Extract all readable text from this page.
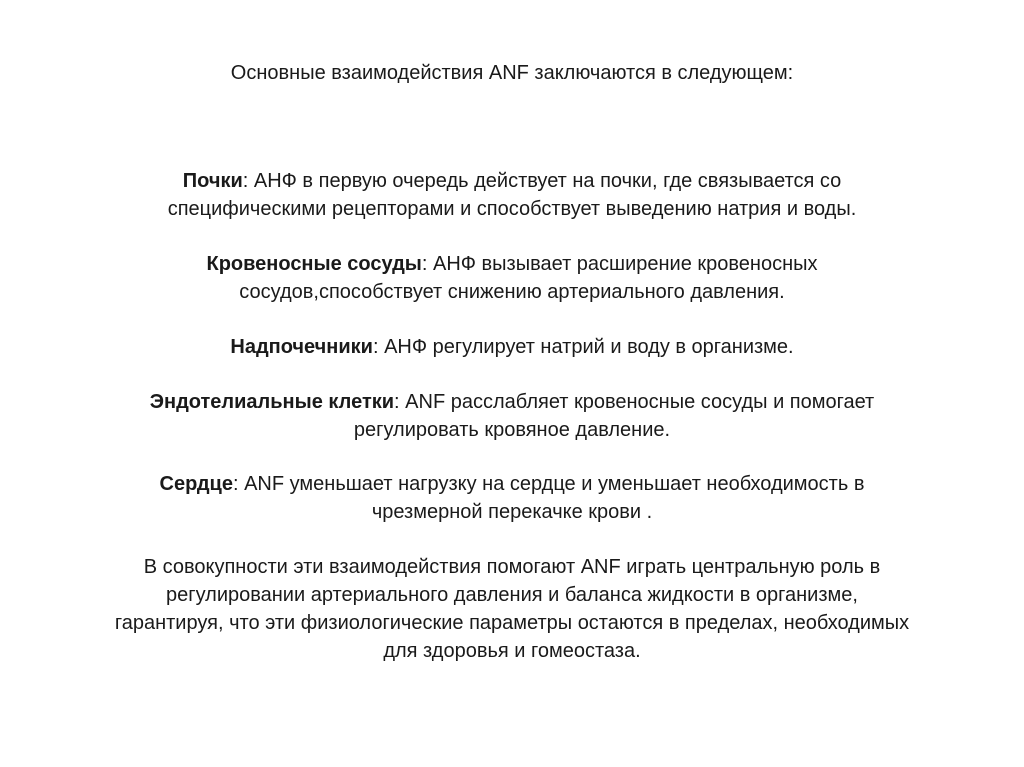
Основные взаимодействия ANF заключаются в следующем:

Почки: АНФ в первую очередь действует на почки, где связывается со специфическими рецепторами и способствует выведению натрия и воды.

Кровеносные сосуды: АНФ вызывает расширение кровеносных сосудов,способствует снижению артериального давления.

Надпочечники: АНФ регулирует натрий и воду в организме.

Эндотелиальные клетки: ANF расслабляет кровеносные сосуды и помогает регулировать кровяное давление.

Сердце: ANF уменьшает нагрузку на сердце и уменьшает необходимость в чрезмерной перекачке крови .

В совокупности эти взаимодействия помогают ANF играть центральную роль в регулировании артериального давления и баланса жидкости в организме, гарантируя, что эти физиологические параметры остаются в пределах, необходимых для здоровья и гомеостаза.
